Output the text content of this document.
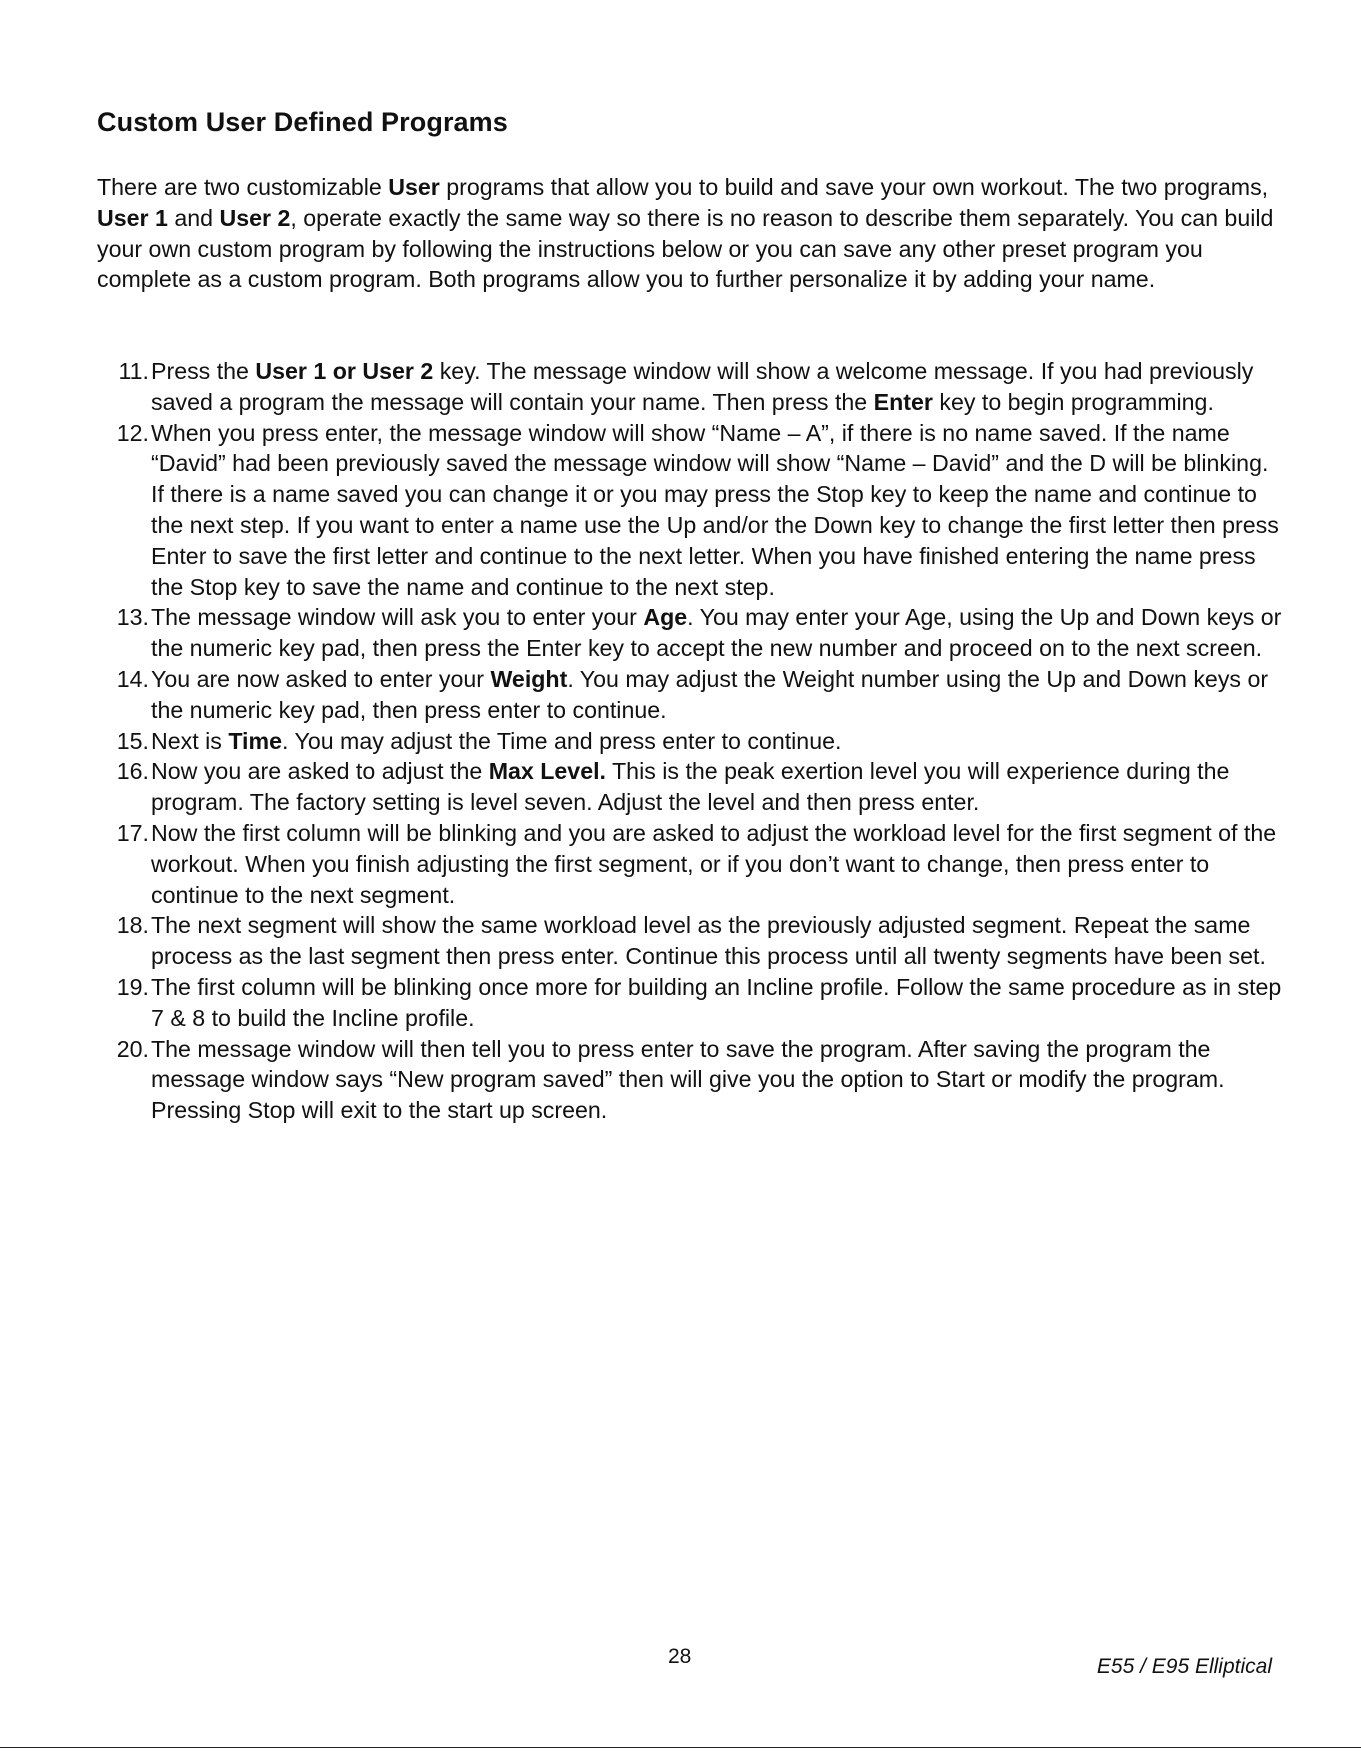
Custom User Defined Programs

There are two customizable User programs that allow you to build and save your own workout. The two programs, User 1 and User 2, operate exactly the same way so there is no reason to describe them separately. You can build your own custom program by following the instructions below or you can save any other preset program you complete as a custom program. Both programs allow you to further personalize it by adding your name.

11. Press the User 1 or User 2 key. The message window will show a welcome message. If you had previously saved a program the message will contain your name. Then press the Enter key to begin programming.
12. When you press enter, the message window will show “Name – A”, if there is no name saved. If the name “David” had been previously saved the message window will show “Name – David” and the D will be blinking. If there is a name saved you can change it or you may press the Stop key to keep the name and continue to the next step. If you want to enter a name use the Up and/or the Down key to change the first letter then press Enter to save the first letter and continue to the next letter. When you have finished entering the name press the Stop key to save the name and continue to the next step.
13. The message window will ask you to enter your Age. You may enter your Age, using the Up and Down keys or the numeric key pad, then press the Enter key to accept the new number and proceed on to the next screen.
14. You are now asked to enter your Weight. You may adjust the Weight number using the Up and Down keys or the numeric key pad, then press enter to continue.
15. Next is Time. You may adjust the Time and press enter to continue.
16. Now you are asked to adjust the Max Level. This is the peak exertion level you will experience during the program. The factory setting is level seven. Adjust the level and then press enter.
17. Now the first column will be blinking and you are asked to adjust the workload level for the first segment of the workout. When you finish adjusting the first segment, or if you don’t want to change, then press enter to continue to the next segment.
18. The next segment will show the same workload level as the previously adjusted segment. Repeat the same process as the last segment then press enter. Continue this process until all twenty segments have been set.
19. The first column will be blinking once more for building an Incline profile. Follow the same procedure as in step 7 & 8 to build the Incline profile.
20. The message window will then tell you to press enter to save the program. After saving the program the message window says “New program saved” then will give you the option to Start or modify the program. Pressing Stop will exit to the start up screen.
28	E55 / E95 Elliptical
